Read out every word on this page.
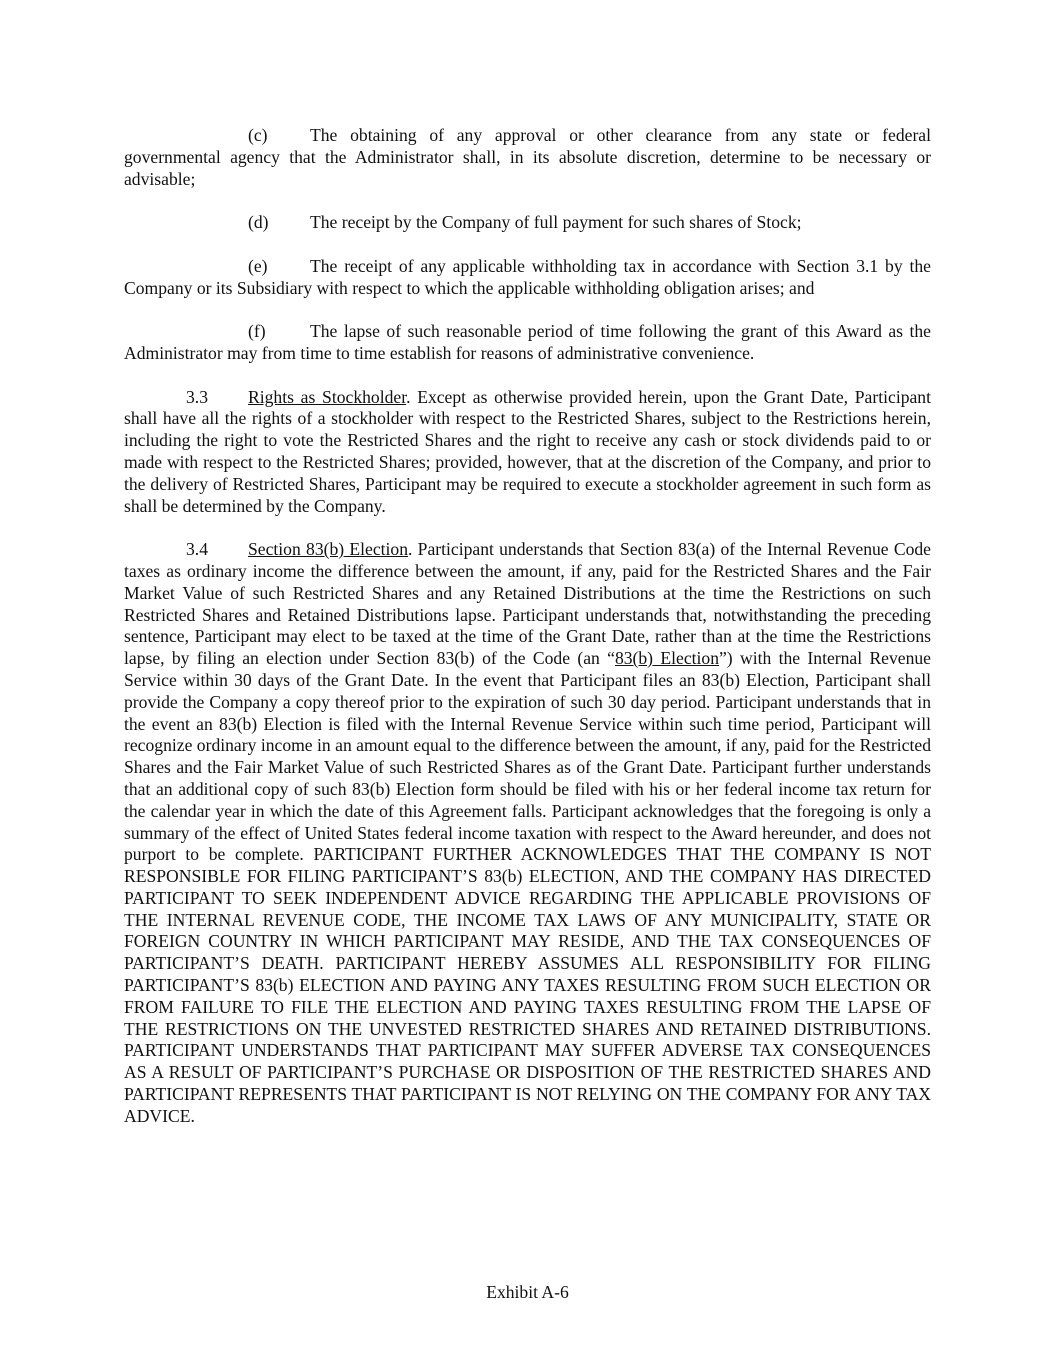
(c) The obtaining of any approval or other clearance from any state or federal governmental agency that the Administrator shall, in its absolute discretion, determine to be necessary or advisable;

(d) The receipt by the Company of full payment for such shares of Stock;

(e) The receipt of any applicable withholding tax in accordance with Section 3.1 by the Company or its Subsidiary with respect to which the applicable withholding obligation arises; and

(f)	The lapse of such reasonable period of time following the grant of this Award as the Administrator may from time to time establish for reasons of administrative convenience.

3.3 Rights as Stockholder. Except as otherwise provided herein, upon the Grant Date, Participant shall have all the rights of a stockholder with respect to the Restricted Shares, subject to the Restrictions herein, including the right to vote the Restricted Shares and the right to receive any cash or stock dividends paid to or made with respect to the Restricted Shares; provided, however, that at the discretion of the Company, and prior to the delivery of Restricted Shares, Participant may be required to execute a stockholder agreement in such form as shall be determined by the Company.

3.4 Section 83(b) Election. Participant understands that Section 83(a) of the Internal Revenue Code taxes as ordinary income the difference between the amount, if any, paid for the Restricted Shares and the Fair Market Value of such Restricted Shares and any Retained Distributions at the time the Restrictions on such Restricted Shares and Retained Distributions lapse. Participant understands that, notwithstanding the preceding sentence, Participant may elect to be taxed at the time of the Grant Date, rather than at the time the Restrictions lapse, by filing an election under Section 83(b) of the Code (an “83(b) Election”) with the Internal Revenue Service within 30 days of the Grant Date. In the event that Participant files an 83(b) Election, Participant shall provide the Company a copy thereof prior to the expiration of such 30 day period. Participant understands that in the event an 83(b) Election is filed with the Internal Revenue Service within such time period, Participant will recognize ordinary income in an amount equal to the difference between the amount, if any, paid for the Restricted Shares and the Fair Market Value of such Restricted Shares as of the Grant Date. Participant further understands that an additional copy of such 83(b) Election form should be filed with his or her federal income tax return for the calendar year in which the date of this Agreement falls. Participant acknowledges that the foregoing is only a summary of the effect of United States federal income taxation with respect to the Award hereunder, and does not purport to be complete. PARTICIPANT FURTHER ACKNOWLEDGES THAT THE COMPANY IS NOT RESPONSIBLE FOR FILING PARTICIPANT’S 83(b) ELECTION, AND THE COMPANY HAS DIRECTED PARTICIPANT TO SEEK INDEPENDENT ADVICE REGARDING THE APPLICABLE PROVISIONS OF THE INTERNAL REVENUE CODE, THE INCOME TAX LAWS OF ANY MUNICIPALITY, STATE OR FOREIGN COUNTRY IN WHICH PARTICIPANT MAY RESIDE, AND THE TAX CONSEQUENCES OF PARTICIPANT’S DEATH. PARTICIPANT HEREBY ASSUMES ALL RESPONSIBILITY FOR FILING PARTICIPANT’S 83(b) ELECTION AND PAYING ANY TAXES RESULTING FROM SUCH ELECTION OR FROM FAILURE TO FILE THE ELECTION AND PAYING TAXES RESULTING FROM THE LAPSE OF THE RESTRICTIONS ON THE UNVESTED RESTRICTED SHARES AND RETAINED DISTRIBUTIONS. PARTICIPANT UNDERSTANDS THAT PARTICIPANT MAY SUFFER ADVERSE TAX CONSEQUENCES AS A RESULT OF PARTICIPANT’S PURCHASE OR DISPOSITION OF THE RESTRICTED SHARES AND PARTICIPANT REPRESENTS THAT PARTICIPANT IS NOT RELYING ON THE COMPANY FOR ANY TAX ADVICE.

Exhibit A-6
